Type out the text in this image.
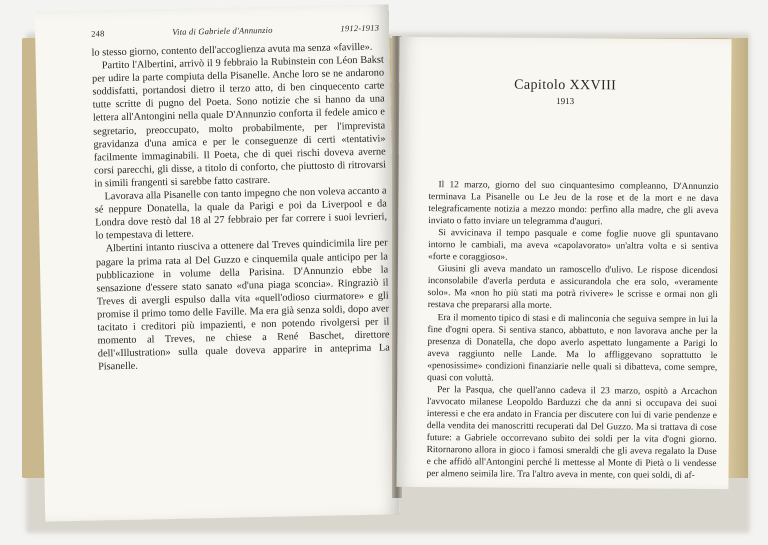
248	Vita di Gabriele d'Annunzio	1912-1913

lo stesso giorno, contento dell'accoglienza avuta ma senza «faville».

Partito l'Albertini, arrivò il 9 febbraio la Rubinstein con Léon Bakst per udire la parte compiuta della Pisanelle. Anche loro se ne andarono soddisfatti, portandosi dietro il terzo atto, di ben cinquecento carte tutte scritte di pugno del Poeta. Sono notizie che si hanno da una lettera all'Antongini nella quale D'Annunzio conforta il fedele amico e segretario, preoccupato, molto probabilmente, per l'imprevista gravidanza d'una amica e per le conseguenze di certi «tentativi» facilmente immaginabili. Il Poeta, che di quei rischi doveva averne corsi parecchi, gli disse, a titolo di conforto, che piuttosto di ritrovarsi in simili frangenti si sarebbe fatto castrare.

Lavorava alla Pisanelle con tanto impegno che non voleva accanto a sé neppure Donatella, la quale da Parigi e poi da Liverpool e da Londra dove restò dal 18 al 27 febbraio per far correre i suoi levrieri, lo tempestava di lettere.

Albertini intanto riusciva a ottenere dal Treves quindicimila lire per pagare la prima rata al Del Guzzo e cinquemila quale anticipo per la pubblicazione in volume della Parisina. D'Annunzio ebbe la sensazione d'essere stato sanato «d'una piaga sconcia». Ringraziò il Treves di avergli espulso dalla vita «quell'odioso ciurmatore» e gli promise il primo tomo delle Faville. Ma era già senza soldi, dopo aver tacitato i creditori più impazienti, e non potendo rivolgersi per il momento al Treves, ne chiese a René Baschet, direttore dell'«Illustration» sulla quale doveva apparire in anteprima La Pisanelle.

Capitolo XXVIII
1913

Il 12 marzo, giorno del suo cinquantesimo compleanno, D'Annunzio terminava La Pisanelle ou Le Jeu de la rose et de la mort e ne dava telegraficamente notizia a mezzo mondo: perfino alla madre, che gli aveva inviato o fatto inviare un telegramma d'auguri.

Si avvicinava il tempo pasquale e come foglie nuove gli spuntavano intorno le cambiali, ma aveva «capolavorato» un'altra volta e si sentiva «forte e coraggioso».

Giusini gli aveva mandato un ramoscello d'ulivo. Le rispose dicendosi inconsolabile d'averla perduta e assicurandola che era solo, «veramente solo». Ma «non ho più stati ma potrà rivivere» le scrisse e ormai non gli restava che prepararsi alla morte.

Era il momento tipico di stasi e di malinconia che seguiva sempre in lui la fine d'ogni opera. Si sentiva stanco, abbattuto, e non lavorava anche per la presenza di Donatella, che dopo averlo aspettato lungamente a Parigi lo aveva raggiunto nelle Lande. Ma lo affliggevano soprattutto le «penosissime» condizioni finanziarie nelle quali si dibatteva, come sempre, quasi con voluttà.

Per la Pasqua, che quell'anno cadeva il 23 marzo, ospitò a Arcachon l'avvocato milanese Leopoldo Barduzzi che da anni si occupava dei suoi interessi e che era andato in Francia per discutere con lui di varie pendenze e della vendita dei manoscritti recuperati dal Del Guzzo. Ma si trattava di cose future: a Gabriele occorrevano subito dei soldi per la vita d'ogni giorno. Ritornarono allora in gioco i famosi smeraldi che gli aveva regalato la Duse e che affidò all'Antongini perché li mettesse al Monte di Pietà o li vendesse per almeno seimila lire. Tra l'altro aveva in mente, con quei soldi, di af-
